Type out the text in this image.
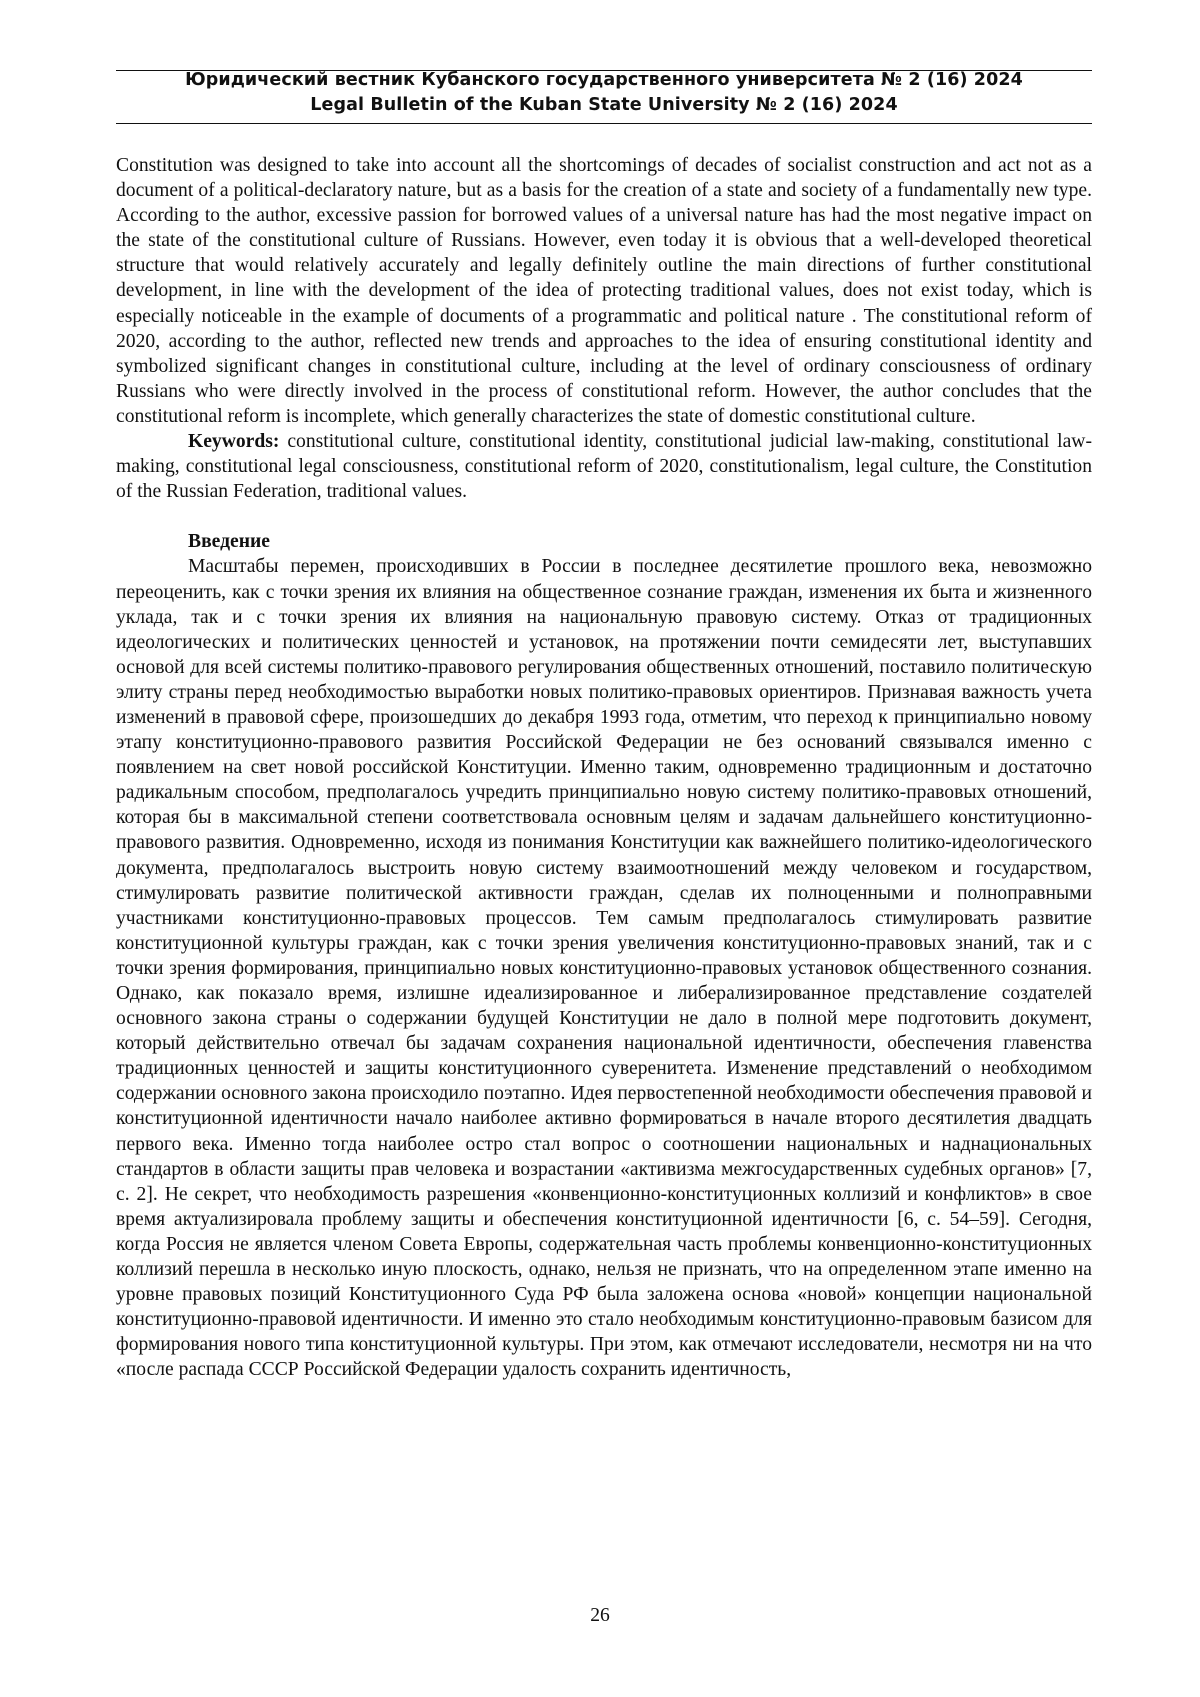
Юридический вестник Кубанского государственного университета № 2 (16) 2024
Legal Bulletin of the Kuban State University № 2 (16) 2024

Constitution was designed to take into account all the shortcomings of decades of socialist construction and act not as a document of a political-declaratory nature, but as a basis for the creation of a state and society of a fundamentally new type. According to the author, excessive passion for borrowed values of a universal nature has had the most negative impact on the state of the constitutional culture of Russians. However, even today it is obvious that a well-developed theoretical structure that would relatively accurately and legally definitely outline the main directions of further constitutional development, in line with the development of the idea of protecting traditional values, does not exist today, which is especially noticeable in the example of documents of a programmatic and political nature . The constitutional reform of 2020, according to the author, reflected new trends and approaches to the idea of ensuring constitutional identity and symbolized significant changes in constitutional culture, including at the level of ordinary consciousness of ordinary Russians who were directly involved in the process of constitutional reform. However, the author concludes that the constitutional reform is incomplete, which generally characterizes the state of domestic constitutional culture.

Keywords: constitutional culture, constitutional identity, constitutional judicial law-making, constitutional law-making, constitutional legal consciousness, constitutional reform of 2020, constitutionalism, legal culture, the Constitution of the Russian Federation, traditional values.

Введение

Масштабы перемен, происходивших в России в последнее десятилетие прошлого века, невозможно переоценить, как с точки зрения их влияния на общественное сознание граждан, изменения их быта и жизненного уклада, так и с точки зрения их влияния на национальную правовую систему. Отказ от традиционных идеологических и политических ценностей и установок, на протяжении почти семидесяти лет, выступавших основой для всей системы политико-правового регулирования общественных отношений, поставило политическую элиту страны перед необходимостью выработки новых политико-правовых ориентиров. Признавая важность учета изменений в правовой сфере, произошедших до декабря 1993 года, отметим, что переход к принципиально новому этапу конституционно-правового развития Российской Федерации не без оснований связывался именно с появлением на свет новой российской Конституции. Именно таким, одновременно традиционным и достаточно радикальным способом, предполагалось учредить принципиально новую систему политико-правовых отношений, которая бы в максимальной степени соответствовала основным целям и задачам дальнейшего конституционно-правового развития. Одновременно, исходя из понимания Конституции как важнейшего политико-идеологического документа, предполагалось выстроить новую систему взаимоотношений между человеком и государством, стимулировать развитие политической активности граждан, сделав их полноценными и полноправными участниками конституционно-правовых процессов. Тем самым предполагалось стимулировать развитие конституционной культуры граждан, как с точки зрения увеличения конституционно-правовых знаний, так и с точки зрения формирования, принципиально новых конституционно-правовых установок общественного сознания. Однако, как показало время, излишне идеализированное и либерализированное представление создателей основного закона страны о содержании будущей Конституции не дало в полной мере подготовить документ, который действительно отвечал бы задачам сохранения национальной идентичности, обеспечения главенства традиционных ценностей и защиты конституционного суверенитета. Изменение представлений о необходимом содержании основного закона происходило поэтапно. Идея первостепенной необходимости обеспечения правовой и конституционной идентичности начало наиболее активно формироваться в начале второго десятилетия двадцать первого века. Именно тогда наиболее остро стал вопрос о соотношении национальных и наднациональных стандартов в области защиты прав человека и возрастании «активизма межгосударственных судебных органов» [7, с. 2]. Не секрет, что необходимость разрешения «конвенционно-конституционных коллизий и конфликтов» в свое время актуализировала проблему защиты и обеспечения конституционной идентичности [6, с. 54–59]. Сегодня, когда Россия не является членом Совета Европы, содержательная часть проблемы конвенционно-конституционных коллизий перешла в несколько иную плоскость, однако, нельзя не признать, что на определенном этапе именно на уровне правовых позиций Конституционного Суда РФ была заложена основа «новой» концепции национальной конституционно-правовой идентичности. И именно это стало необходимым конституционно-правовым базисом для формирования нового типа конституционной культуры. При этом, как отмечают исследователи, несмотря ни на что «после распада СССР Российской Федерации удалость сохранить идентичность,

26
